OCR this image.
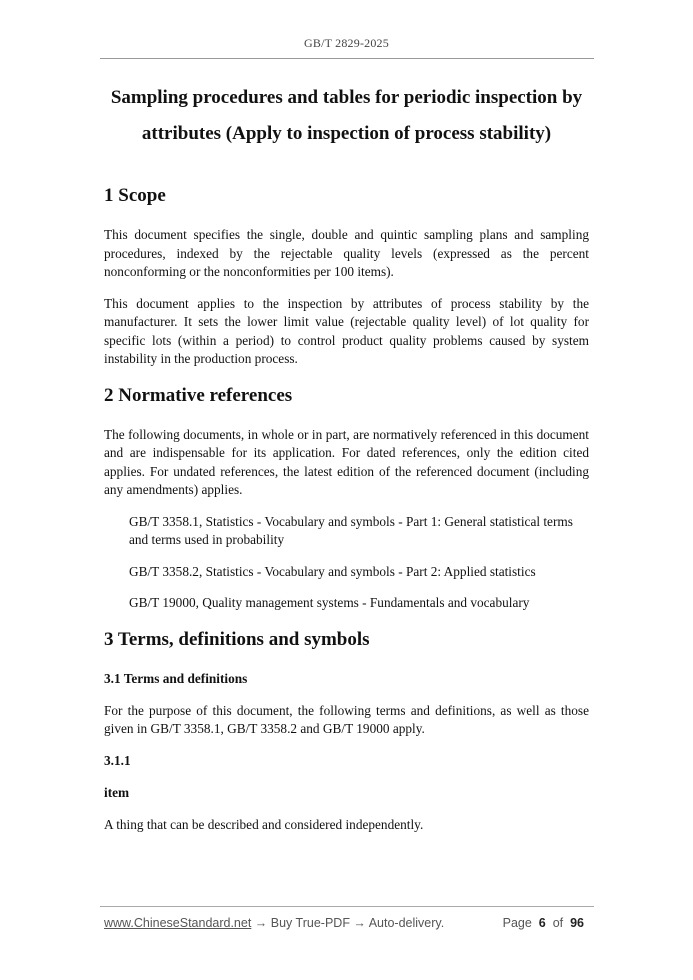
GB/T 2829-2025
Sampling procedures and tables for periodic inspection by
attributes (Apply to inspection of process stability)
1 Scope
This document specifies the single, double and quintic sampling plans and sampling procedures, indexed by the rejectable quality levels (expressed as the percent nonconforming or the nonconformities per 100 items).
This document applies to the inspection by attributes of process stability by the manufacturer. It sets the lower limit value (rejectable quality level) of lot quality for specific lots (within a period) to control product quality problems caused by system instability in the production process.
2 Normative references
The following documents, in whole or in part, are normatively referenced in this document and are indispensable for its application. For dated references, only the edition cited applies. For undated references, the latest edition of the referenced document (including any amendments) applies.
GB/T 3358.1, Statistics - Vocabulary and symbols - Part 1: General statistical terms and terms used in probability
GB/T 3358.2, Statistics - Vocabulary and symbols - Part 2: Applied statistics
GB/T 19000, Quality management systems - Fundamentals and vocabulary
3 Terms, definitions and symbols
3.1 Terms and definitions
For the purpose of this document, the following terms and definitions, as well as those given in GB/T 3358.1, GB/T 3358.2 and GB/T 19000 apply.
3.1.1
item
A thing that can be described and considered independently.
www.ChineseStandard.net → Buy True-PDF → Auto-delivery.	Page 6 of 96
